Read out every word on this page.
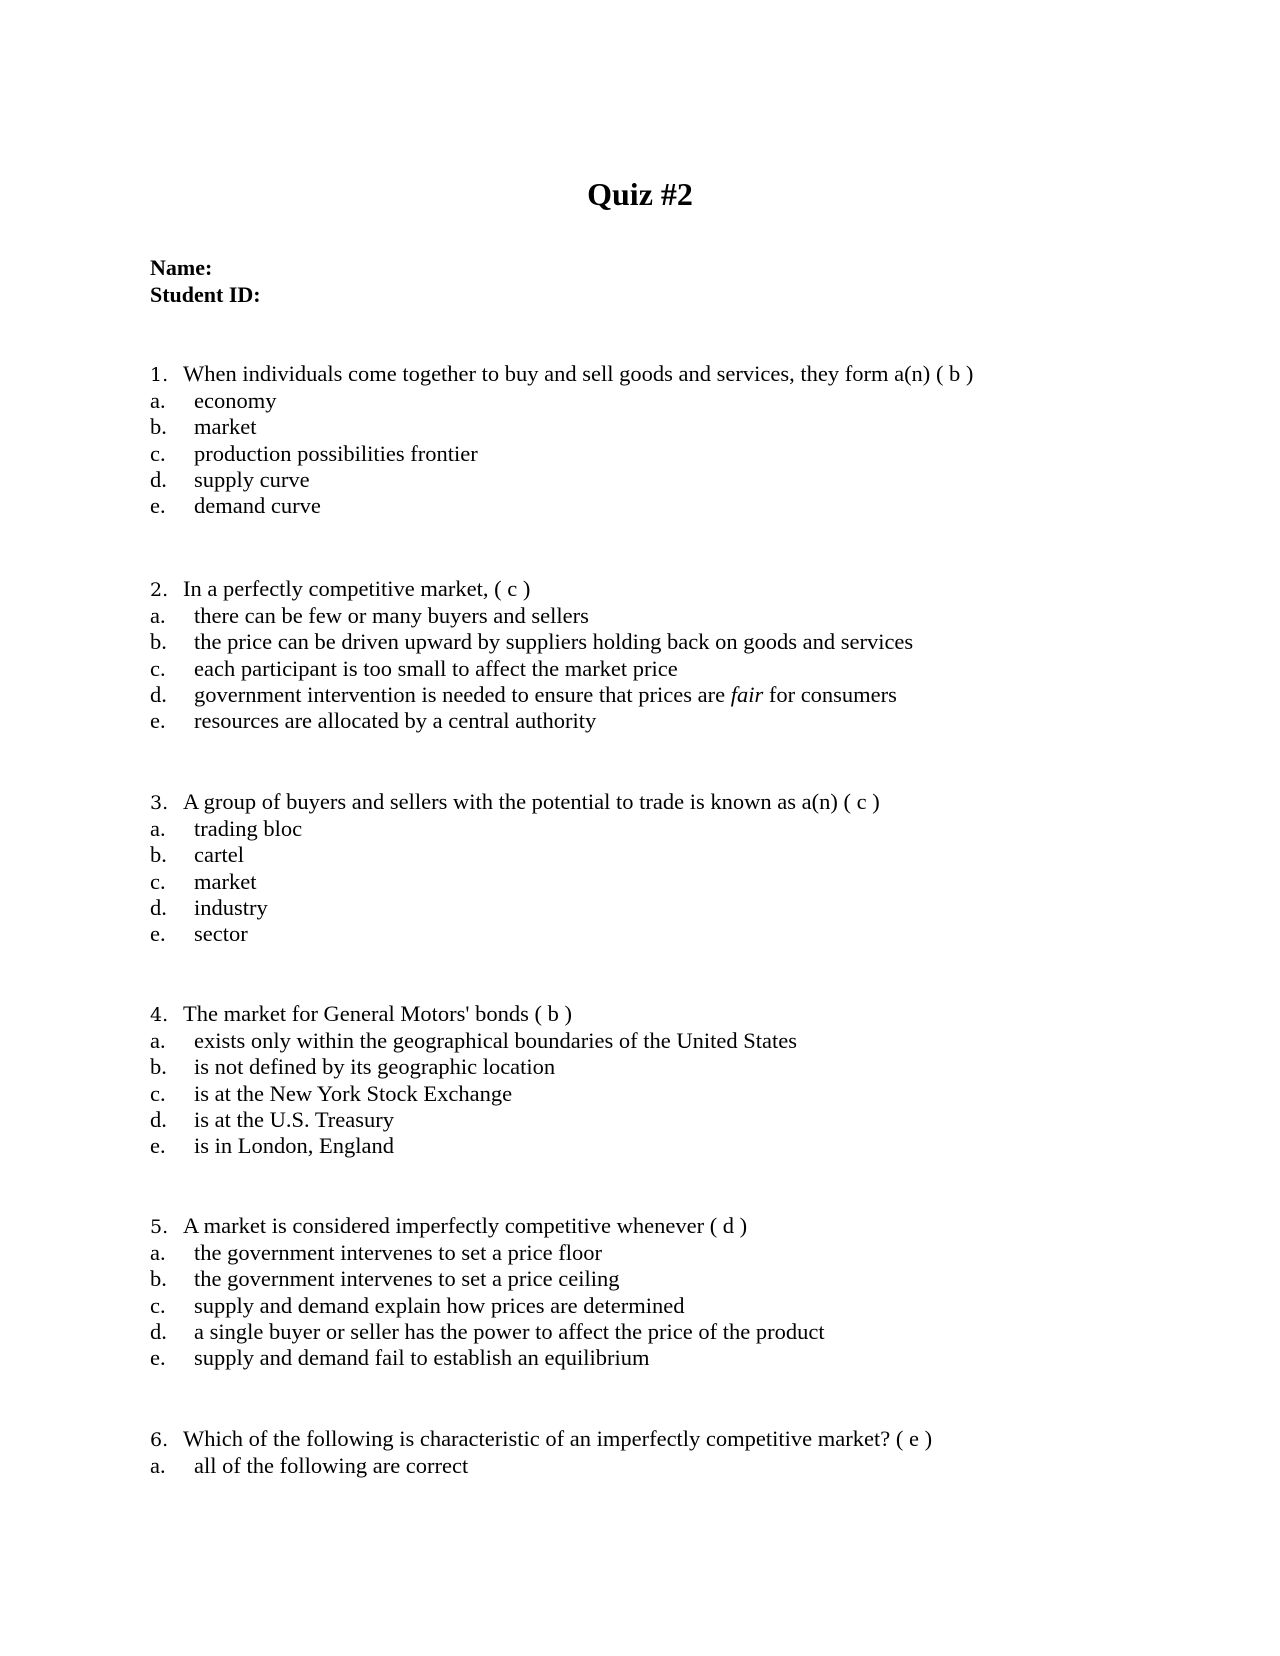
Quiz #2
Name:
Student ID:
1. When individuals come together to buy and sell goods and services, they form a(n) ( b )
a. economy
b. market
c. production possibilities frontier
d. supply curve
e. demand curve
2. In a perfectly competitive market, ( c )
a. there can be few or many buyers and sellers
b. the price can be driven upward by suppliers holding back on goods and services
c. each participant is too small to affect the market price
d. government intervention is needed to ensure that prices are fair for consumers
e. resources are allocated by a central authority
3. A group of buyers and sellers with the potential to trade is known as a(n) ( c )
a. trading bloc
b. cartel
c. market
d. industry
e. sector
4. The market for General Motors' bonds ( b )
a. exists only within the geographical boundaries of the United States
b. is not defined by its geographic location
c. is at the New York Stock Exchange
d. is at the U.S. Treasury
e. is in London, England
5. A market is considered imperfectly competitive whenever ( d )
a. the government intervenes to set a price floor
b. the government intervenes to set a price ceiling
c. supply and demand explain how prices are determined
d. a single buyer or seller has the power to affect the price of the product
e. supply and demand fail to establish an equilibrium
6. Which of the following is characteristic of an imperfectly competitive market? ( e )
a. all of the following are correct
